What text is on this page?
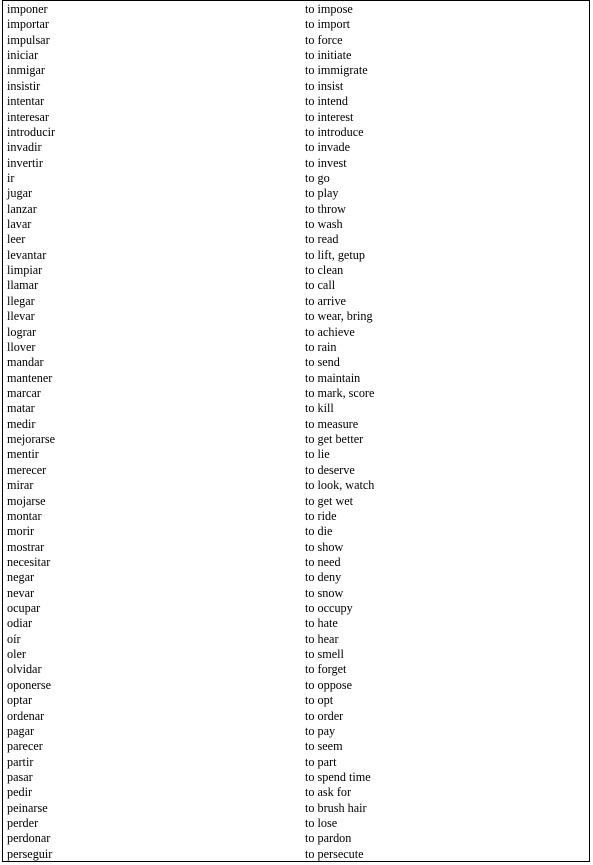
imponer	to impose
importar	to import
impulsar	to force
iniciar	to initiate
inmigar	to immigrate
insistir	to insist
intentar	to intend
interesar	to interest
introducir	to introduce
invadir	to invade
invertir	to invest
ir	to go
jugar	to play
lanzar	to throw
lavar	to wash
leer	to read
levantar	to lift, getup
limpiar	to clean
llamar	to call
llegar	to arrive
llevar	to wear, bring
lograr	to achieve
llover	to rain
mandar	to send
mantener	to maintain
marcar	to mark, score
matar	to kill
medir	to measure
mejorarse	to get better
mentir	to lie
merecer	to deserve
mirar	to look, watch
mojarse	to get wet
montar	to ride
morir	to die
mostrar	to show
necesitar	to need
negar	to deny
nevar	to snow
ocupar	to occupy
odiar	to hate
oír	to hear
oler	to smell
olvidar	to forget
oponerse	to oppose
optar	to opt
ordenar	to order
pagar	to pay
parecer	to seem
partir	to part
pasar	to spend time
pedir	to ask for
peinarse	to brush hair
perder	to lose
perdonar	to pardon
perseguir	to persecute
